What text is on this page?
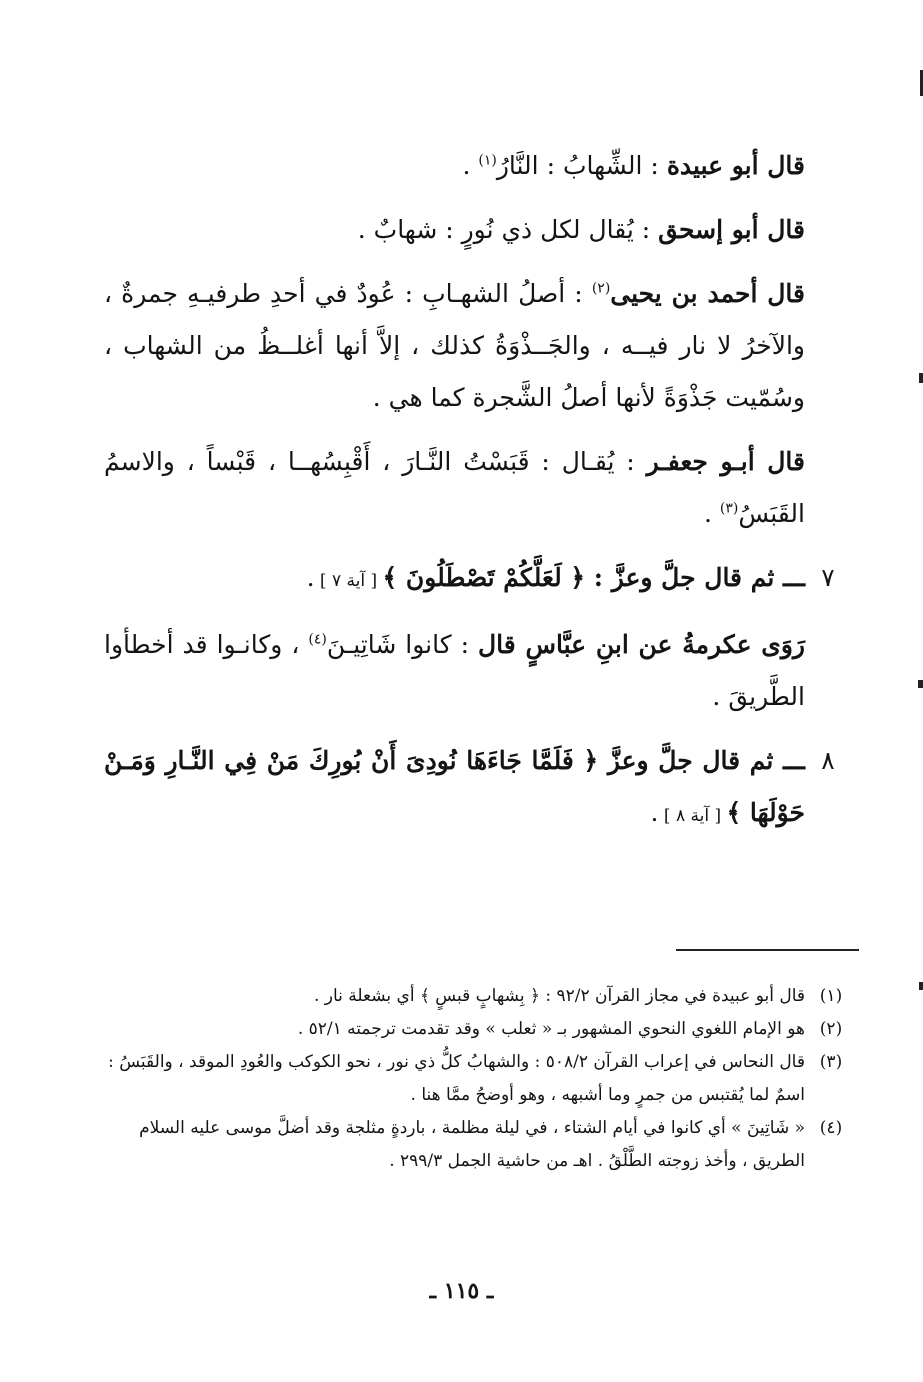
قال أبو عبيدة : الشِّهابُ : النَّارُ$^{(١)}$ .

قال أبو إسحق : يُقال لكل ذي نُورٍ : شهابٌ .

قال أحمد بن يحيى$^{(٢)}$ : أصلُ الشهـابِ : عُودٌ في أحدِ طرفيـهِ جمرةٌ ، والآخرُ لا نار فيــه ، والجَــذْوَةُ كذلك ، إلاَّ أنها أغلــظُ من الشهاب ، وسُمّيت جَذْوَةً لأنها أصلُ الشَّجرة كما هي .

قال أبـو جعفـر : يُقـال : قَبَسْتُ النَّـارَ ، أَقْبِسُهــا ، قَبْساً ، والاسمُ القَبَسُ$^{(٣)}$ .

٧
ـــ ثم قال جلَّ وعزَّ : ﴿ لَعَلَّكُمْ تَصْطَلُونَ ﴾ [ آية ٧ ] .

رَوَى عكرمةُ عن ابنِ عبَّاسٍ قال : كانوا شَاتِيـنَ$^{(٤)}$ ، وكانـوا قد أخطأوا الطَّريقَ .

٨
ـــ ثم قال جلَّ وعزَّ ﴿ فَلَمَّا جَاءَهَا نُودِىَ أَنْ بُورِكَ مَنْ فِي النَّـارِ وَمَـنْ حَوْلَهَا ﴾ [ آية ٨ ] .

(١)
قال أبو عبيدة في مجاز القرآن ٩٢/٢ : ﴿ بِشهابٍ قبسٍ ﴾ أي بشعلة نار .
(٢)
هو الإمام اللغوي النحوي المشهور بـ « ثعلب » وقد تقدمت ترجمته ٥٢/١ .
(٣)
قال النحاس في إعراب القرآن ٥٠٨/٢ : والشهابُ كلُّ ذي نور ، نحو الكوكب والعُودِ الموقد ، والقَبَسُ : اسمٌ لما يُقتبس من جمرٍ وما أشبهه ، وهو أوضحُ ممَّا هنا .
(٤)
« شَاتِينَ » أي كانوا في أيام الشتاء ، في ليلة مظلمة ، باردةٍ مثلجة وقد أضلَّ موسى عليه السلام الطريق ، وأخذ زوجته الطَّلْقُ . اهـ من حاشية الجمل ٢٩٩/٣ .
ـ ١١٥ ـ
